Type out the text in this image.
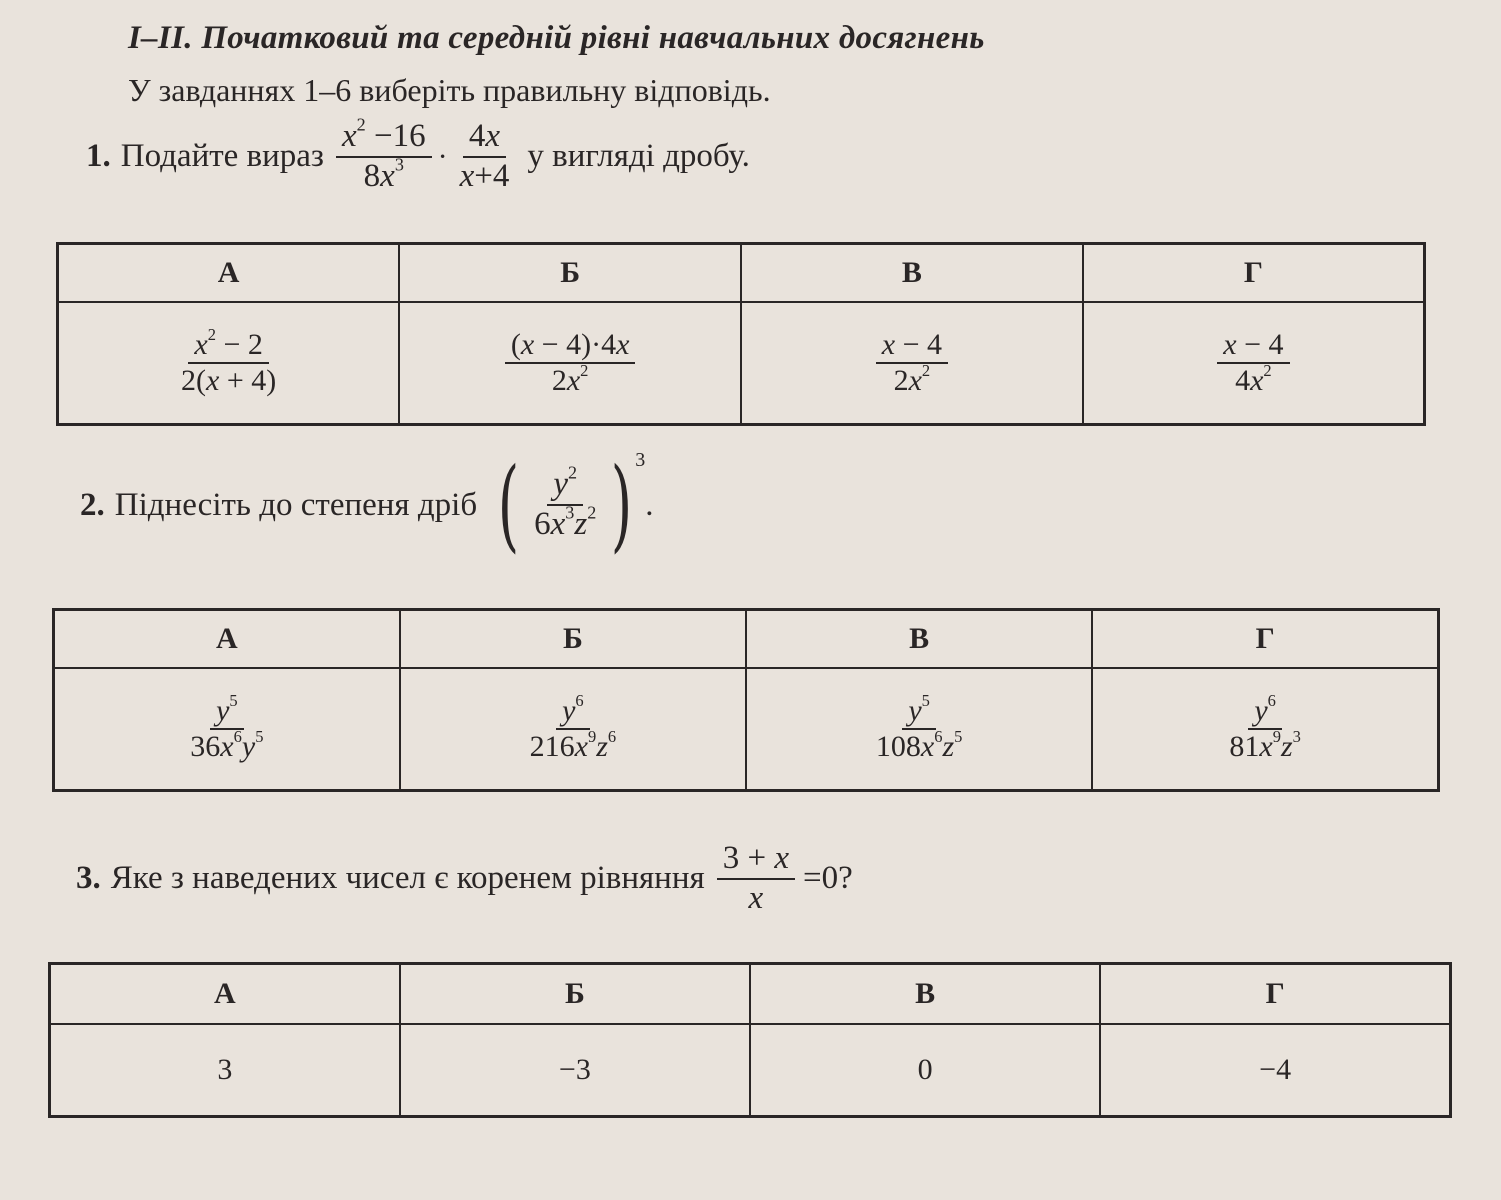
І–ІІ. Початковий та середній рівні навчальних досягнень
У завданнях 1–6 виберіть правильну відповідь.
1. Подайте вираз $\frac{x^2 -16}{8x^3} \cdot \frac{4x}{x+4}$ у вигляді дробу.
А	Б	В	Г

$\frac{x^2 - 2}{2(x + 4)}$	$\frac{(x - 4)\cdot 4x}{2x^2}$	$\frac{x - 4}{2x^2}$	$\frac{x - 4}{4x^2}$
2. Піднесіть до степеня дріб ( $\frac{y^2}{6x^3z^2}$ ) 3
.
А	Б	В	Г

$\frac{y^5}{36x^6y^5}$	$\frac{y^6}{216x^9z^6}$	$\frac{y^5}{108x^6z^5}$	$\frac{y^6}{81x^9z^3}$
3. Яке з наведених чисел є коренем рівняння $\frac{3 + x}{x} =0$?
А	Б	В	Г
3	−3	0	−4
